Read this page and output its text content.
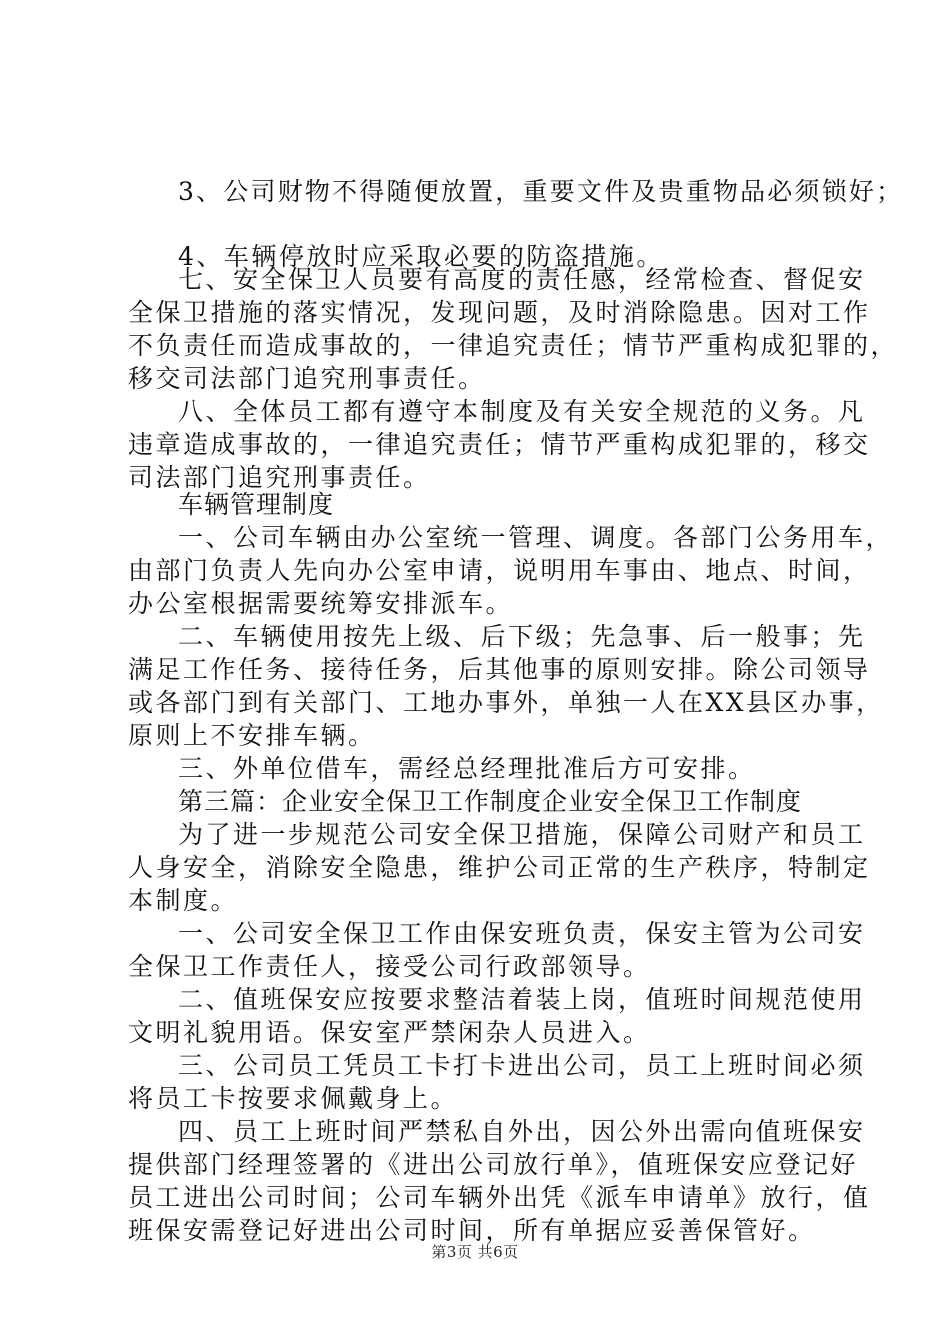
3、公司财物不得随便放置，重要文件及贵重物品必须锁好；
4、车辆停放时应采取必要的防盗措施。
七、安全保卫人员要有高度的责任感，经常检查、督促安
全保卫措施的落实情况，发现问题，及时消除隐患。因对工作
不负责任而造成事故的，一律追究责任；情节严重构成犯罪的，
移交司法部门追究刑事责任。
八、全体员工都有遵守本制度及有关安全规范的义务。凡
违章造成事故的，一律追究责任；情节严重构成犯罪的，移交
司法部门追究刑事责任。
车辆管理制度
一、公司车辆由办公室统一管理、调度。各部门公务用车，
由部门负责人先向办公室申请，说明用车事由、地点、时间，
办公室根据需要统筹安排派车。
二、车辆使用按先上级、后下级；先急事、后一般事；先
满足工作任务、接待任务，后其他事的原则安排。除公司领导
或各部门到有关部门、工地办事外，单独一人在XX县区办事，
原则上不安排车辆。
三、外单位借车，需经总经理批准后方可安排。
第三篇：企业安全保卫工作制度企业安全保卫工作制度
为了进一步规范公司安全保卫措施，保障公司财产和员工
人身安全，消除安全隐患，维护公司正常的生产秩序，特制定
本制度。
一、公司安全保卫工作由保安班负责，保安主管为公司安
全保卫工作责任人，接受公司行政部领导。
二、值班保安应按要求整洁着装上岗，值班时间规范使用
文明礼貌用语。保安室严禁闲杂人员进入。
三、公司员工凭员工卡打卡进出公司，员工上班时间必须
将员工卡按要求佩戴身上。
四、员工上班时间严禁私自外出，因公外出需向值班保安
提供部门经理签署的《进出公司放行单》，值班保安应登记好
员工进出公司时间；公司车辆外出凭《派车申请单》放行，值
班保安需登记好进出公司时间，所有单据应妥善保管好。
第3页 共6页
